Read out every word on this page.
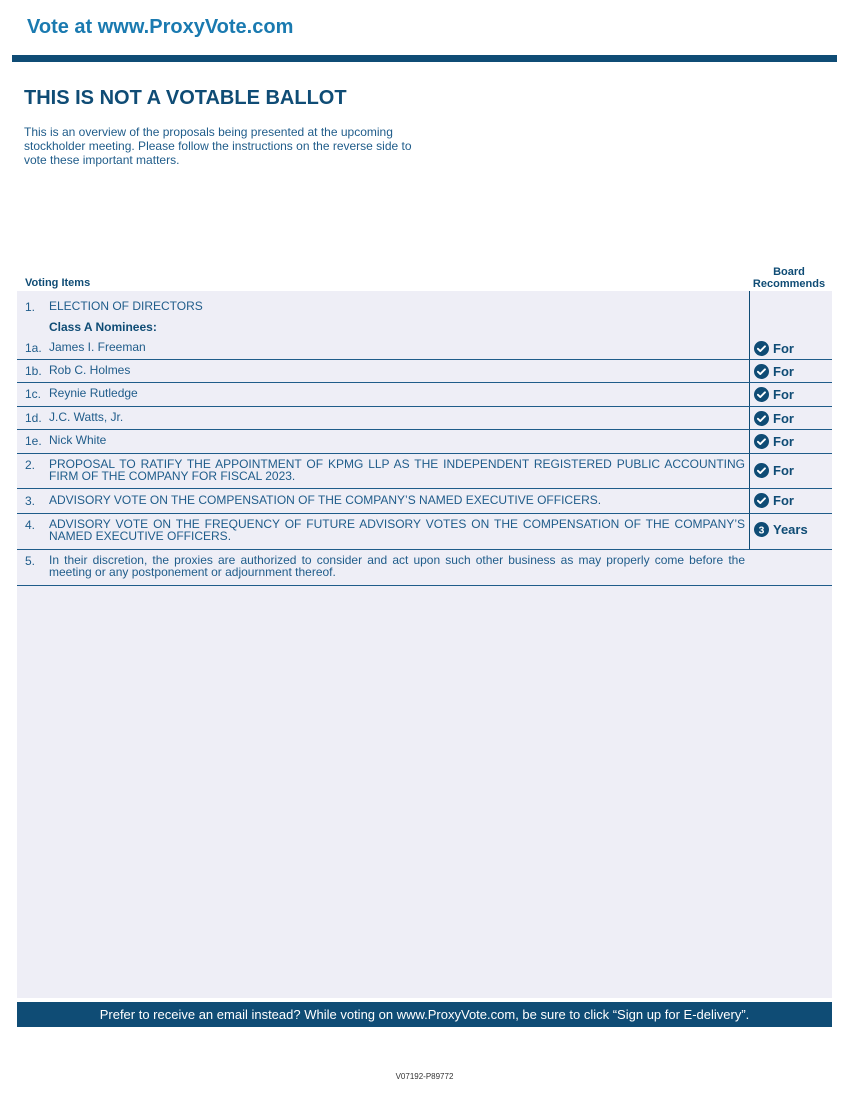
Vote at www.ProxyVote.com
THIS IS NOT A VOTABLE BALLOT
This is an overview of the proposals being presented at the upcoming stockholder meeting. Please follow the instructions on the reverse side to vote these important matters.
Voting Items
Board
Recommends
1. ELECTION OF DIRECTORS
Class A Nominees:
1a. James I. Freeman	For
1b. Rob C. Holmes	For
1c. Reynie Rutledge	For
1d. J.C. Watts, Jr.	For
1e. Nick White	For
2. PROPOSAL TO RATIFY THE APPOINTMENT OF KPMG LLP AS THE INDEPENDENT REGISTERED PUBLIC ACCOUNTING FIRM OF THE COMPANY FOR FISCAL 2023.	For
3. ADVISORY VOTE ON THE COMPENSATION OF THE COMPANY’S NAMED EXECUTIVE OFFICERS.	For
4. ADVISORY VOTE ON THE FREQUENCY OF FUTURE ADVISORY VOTES ON THE COMPENSATION OF THE COMPANY’S NAMED EXECUTIVE OFFICERS.	3 Years
5. In their discretion, the proxies are authorized to consider and act upon such other business as may properly come before the meeting or any postponement or adjournment thereof.
Prefer to receive an email instead? While voting on www.ProxyVote.com, be sure to click “Sign up for E-delivery”.
V07192-P89772
